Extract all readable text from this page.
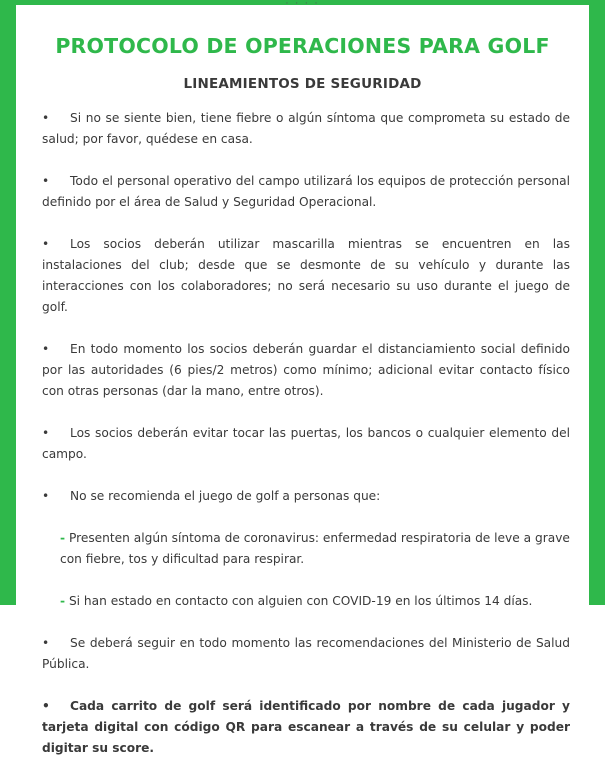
· · · ·
PROTOCOLO DE OPERACIONES PARA GOLF
LINEAMIENTOS DE SEGURIDAD

• Si no se siente bien, tiene fiebre o algún síntoma que comprometa su estado de salud; por favor, quédese en casa.

• Todo el personal operativo del campo utilizará los equipos de protección personal definido por el área de Salud y Seguridad Operacional.

• Los socios deberán utilizar mascarilla mientras se encuentren en las instalaciones del club; desde que se desmonte de su vehículo y durante las interacciones con los colaboradores; no será necesario su uso durante el juego de golf.

• En todo momento los socios deberán guardar el distanciamiento social definido por las autoridades (6 pies/2 metros) como mínimo; adicional evitar contacto físico con otras personas (dar la mano, entre otros).

• Los socios deberán evitar tocar las puertas, los bancos o cualquier elemento del campo.

• No se recomienda el juego de golf a personas que:

- Presenten algún síntoma de coronavirus: enfermedad respiratoria de leve a grave con fiebre, tos y dificultad para respirar.

- Si han estado en contacto con alguien con COVID-19 en los últimos 14 días.

• Se deberá seguir en todo momento las recomendaciones del Ministerio de Salud Pública.

• Cada carrito de golf será identificado por nombre de cada jugador y tarjeta digital con código QR para escanear a través de su celular y poder digitar su score.
